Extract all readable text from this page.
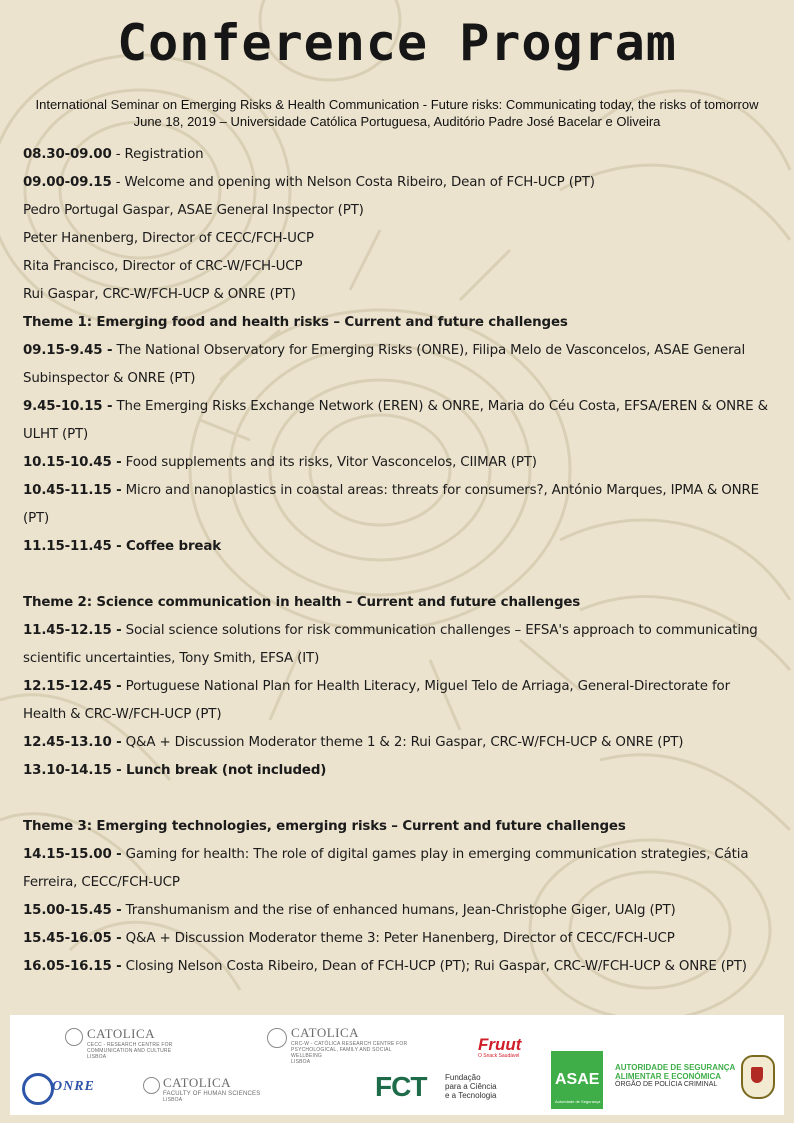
Conference Program
International Seminar on Emerging Risks & Health Communication - Future risks: Communicating today, the risks of tomorrow
June 18, 2019 – Universidade Católica Portuguesa, Auditório Padre José Bacelar e Oliveira
08.30-09.00 - Registration
09.00-09.15 - Welcome and opening with Nelson Costa Ribeiro, Dean of FCH-UCP (PT)
Pedro Portugal Gaspar, ASAE General Inspector (PT)
Peter Hanenberg, Director of CECC/FCH-UCP
Rita Francisco, Director of CRC-W/FCH-UCP
Rui Gaspar, CRC-W/FCH-UCP & ONRE (PT)
Theme 1: Emerging food and health risks – Current and future challenges
09.15-9.45 - The National Observatory for Emerging Risks (ONRE), Filipa Melo de Vasconcelos, ASAE General Subinspector & ONRE (PT)
9.45-10.15 - The Emerging Risks Exchange Network (EREN) & ONRE, Maria do Céu Costa, EFSA/EREN & ONRE & ULHT (PT)
10.15-10.45 - Food supplements and its risks, Vitor Vasconcelos, CIIMAR (PT)
10.45-11.15 - Micro and nanoplastics in coastal areas: threats for consumers?, António Marques, IPMA & ONRE (PT)
11.15-11.45 - Coffee break
Theme 2: Science communication in health – Current and future challenges
11.45-12.15 - Social science solutions for risk communication challenges – EFSA's approach to communicating scientific uncertainties, Tony Smith, EFSA (IT)
12.15-12.45 - Portuguese National Plan for Health Literacy, Miguel Telo de Arriaga, General-Directorate for Health & CRC-W/FCH-UCP (PT)
12.45-13.10 - Q&A + Discussion Moderator theme 1 & 2: Rui Gaspar, CRC-W/FCH-UCP & ONRE (PT)
13.10-14.15 - Lunch break (not included)
Theme 3: Emerging technologies, emerging risks – Current and future challenges
14.15-15.00 - Gaming for health: The role of digital games play in emerging communication strategies, Cátia Ferreira, CECC/FCH-UCP
15.00-15.45 - Transhumanism and the rise of enhanced humans, Jean-Christophe Giger, UAlg (PT)
15.45-16.05 - Q&A + Discussion Moderator theme 3: Peter Hanenberg, Director of CECC/FCH-UCP
16.05-16.15 - Closing Nelson Costa Ribeiro, Dean of FCH-UCP (PT); Rui Gaspar, CRC-W/FCH-UCP & ONRE (PT)
CATOLICA
CECC - RESEARCH CENTRE FOR
COMMUNICATION AND CULTURE
LISBOA
CATOLICA
CRC-W - CATÓLICA RESEARCH CENTRE FOR
PSYCHOLOGICAL, FAMILY AND SOCIAL WELLBEING
LISBOA
ONRE	CATOLICA
FACULTY OF HUMAN SCIENCES
LISBOA	FCT Fundação
para a Ciência
e a Tecnologia
Fruut
O Snack Saudável
ASAE
Autoridade de Segurança
AUTORIDADE DE SEGURANÇA
ALIMENTAR E ECONÓMICA
ÓRGÃO DE POLÍCIA CRIMINAL
